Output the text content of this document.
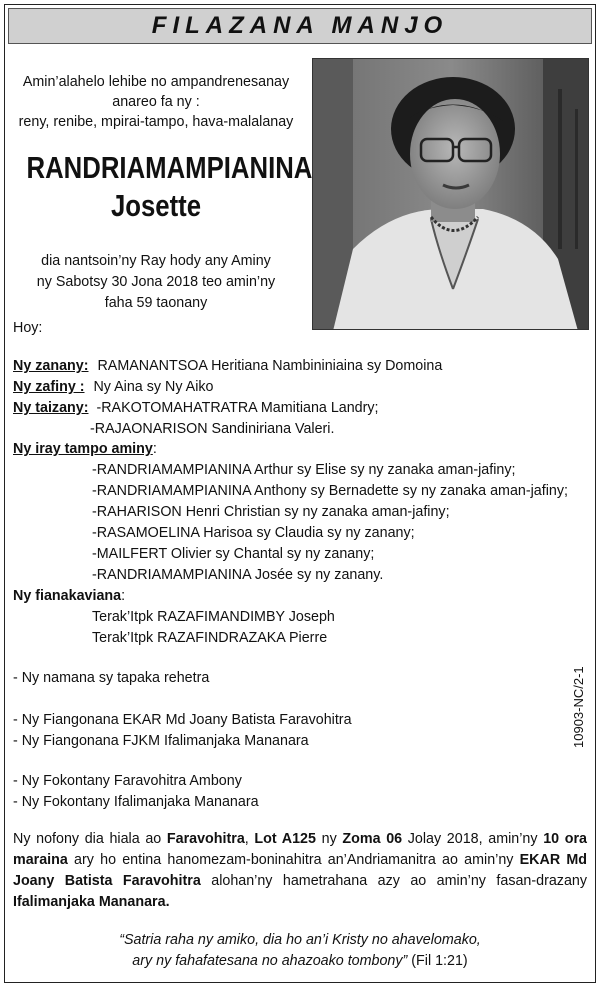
FILAZANA MANJO
Amin’alahelo lehibe no ampandrenesanay
anareo fa ny :
reny, renibe, mpirai-tampo, hava-malalanay
RANDRIAMAMPIANINA
Josette
dia nantsoin’ny Ray hody any Aminy
ny Sabotsy 30 Jona 2018 teo amin’ny
faha 59 taonany
Hoy:
Ny zanany: RAMANANTSOA Heritiana Nambininiaina sy Domoina
Ny zafiny : Ny Aina sy Ny Aiko
Ny taizany: -RAKOTOMAHATRATRA Mamitiana Landry;
-RAJAONARISON Sandiniriana Valeri.
Ny iray tampo aminy:
-RANDRIAMAMPIANINA Arthur sy Elise sy ny zanaka aman-jafiny;
-RANDRIAMAMPIANINA Anthony sy Bernadette sy ny zanaka aman-jafiny;
-RAHARISON Henri Christian sy ny zanaka aman-jafiny;
-RASAMOELINA Harisoa sy Claudia sy ny zanany;
-MAILFERT Olivier sy Chantal sy ny zanany;
-RANDRIAMAMPIANINA Josée sy ny zanany.
Ny fianakaviana:
Terak’Itpk RAZAFIMANDIMBY Joseph
Terak’Itpk RAZAFINDRAZAKA Pierre
- Ny namana sy tapaka rehetra
- Ny Fiangonana EKAR Md Joany Batista Faravohitra
- Ny Fiangonana FJKM Ifalimanjaka Mananara
- Ny Fokontany Faravohitra Ambony
- Ny Fokontany Ifalimanjaka Mananara
10903-NC/2-1
Ny nofony dia hiala ao Faravohitra, Lot A125 ny Zoma 06 Jolay 2018, amin’ny 10 ora maraina ary ho entina hanomezam-boninahitra an’Andriamanitra ao amin’ny EKAR Md Joany Batista Faravohitra alohan’ny hametrahana azy ao amin’ny fasan-drazany Ifalimanjaka Mananara.
“Satria raha ny amiko, dia ho an’i Kristy no ahavelomako,
ary ny fahafatesana no ahazoako tombony” (Fil 1:21)
